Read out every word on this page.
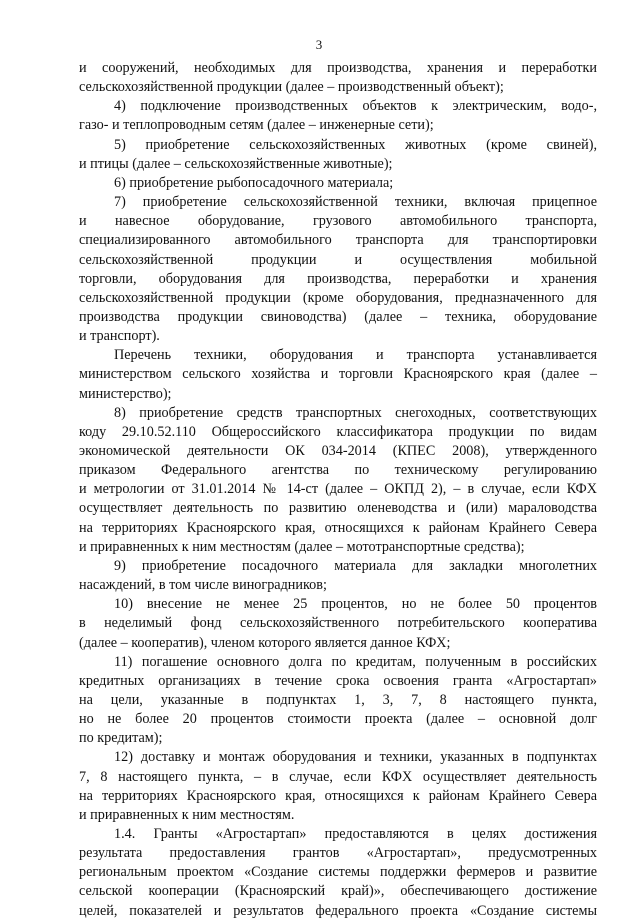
3
и сооружений, необходимых для производства, хранения и переработки
сельскохозяйственной продукции (далее – производственный объект);
4) подключение производственных объектов к электрическим, водо-,
газо- и теплопроводным сетям (далее – инженерные сети);
5) приобретение сельскохозяйственных животных (кроме свиней),
и птицы (далее – сельскохозяйственные животные);
6) приобретение рыбопосадочного материала;
7) приобретение сельскохозяйственной техники, включая прицепное
и навесное оборудование, грузового автомобильного транспорта,
специализированного автомобильного транспорта для транспортировки
сельскохозяйственной продукции и осуществления мобильной
торговли, оборудования для производства, переработки и хранения
сельскохозяйственной продукции (кроме оборудования, предназначенного для
производства продукции свиноводства) (далее – техника, оборудование
и транспорт).
Перечень техники, оборудования и транспорта устанавливается
министерством сельского хозяйства и торговли Красноярского края (далее –
министерство);
8) приобретение средств транспортных снегоходных, соответствующих
коду 29.10.52.110 Общероссийского классификатора продукции по видам
экономической деятельности ОК 034-2014 (КПЕС 2008), утвержденного
приказом Федерального агентства по техническому регулированию
и метрологии от 31.01.2014 № 14-ст (далее – ОКПД 2), – в случае, если КФХ
осуществляет деятельность по развитию оленеводства и (или) мараловодства
на территориях Красноярского края, относящихся к районам Крайнего Севера
и приравненных к ним местностям (далее – мототранспортные средства);
9) приобретение посадочного материала для закладки многолетних
насаждений, в том числе виноградников;
10) внесение не менее 25 процентов, но не более 50 процентов
в неделимый фонд сельскохозяйственного потребительского кооператива
(далее – кооператив), членом которого является данное КФХ;
11) погашение основного долга по кредитам, полученным в российских
кредитных организациях в течение срока освоения гранта «Агростартап»
на цели, указанные в подпунктах 1, 3, 7, 8 настоящего пункта,
но не более 20 процентов стоимости проекта (далее – основной долг
по кредитам);
12) доставку и монтаж оборудования и техники, указанных в подпунктах
7, 8 настоящего пункта, – в случае, если КФХ осуществляет деятельность
на территориях Красноярского края, относящихся к районам Крайнего Севера
и приравненных к ним местностям.
1.4. Гранты «Агростартап» предоставляются в целях достижения
результата предоставления грантов «Агростартап», предусмотренных
региональным проектом «Создание системы поддержки фермеров и развитие
сельской кооперации (Красноярский край)», обеспечивающего достижение
целей, показателей и результатов федерального проекта «Создание системы
